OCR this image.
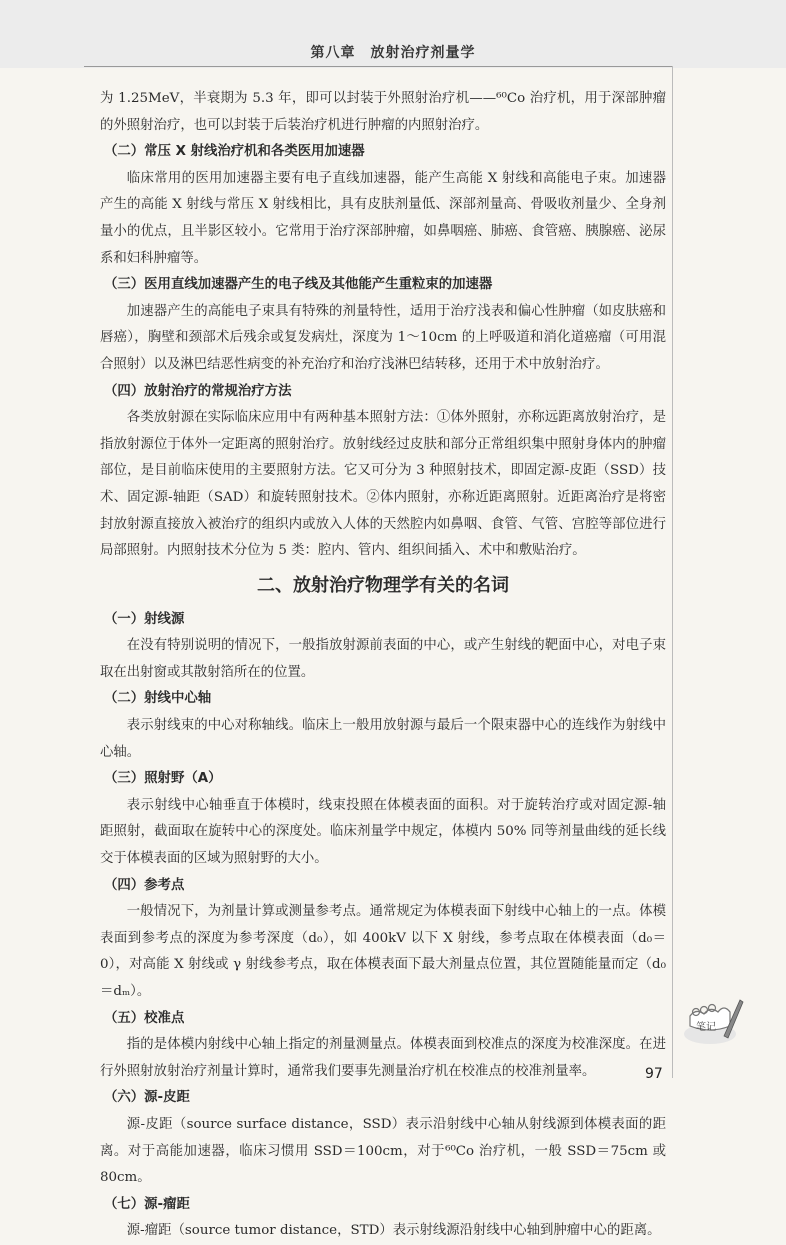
第八章　放射治疗剂量学

为 1.25MeV，半衰期为 5.3 年，即可以封装于外照射治疗机——⁶⁰Co 治疗机，用于深部肿瘤的外照射治疗，也可以封装于后装治疗机进行肿瘤的内照射治疗。

（二）常压 X 射线治疗机和各类医用加速器

临床常用的医用加速器主要有电子直线加速器，能产生高能 X 射线和高能电子束。加速器产生的高能 X 射线与常压 X 射线相比，具有皮肤剂量低、深部剂量高、骨吸收剂量少、全身剂量小的优点，且半影区较小。它常用于治疗深部肿瘤，如鼻咽癌、肺癌、食管癌、胰腺癌、泌尿系和妇科肿瘤等。

（三）医用直线加速器产生的电子线及其他能产生重粒束的加速器

加速器产生的高能电子束具有特殊的剂量特性，适用于治疗浅表和偏心性肿瘤（如皮肤癌和唇癌），胸壁和颈部术后残余或复发病灶，深度为 1～10cm 的上呼吸道和消化道癌瘤（可用混合照射）以及淋巴结恶性病变的补充治疗和治疗浅淋巴结转移，还用于术中放射治疗。

（四）放射治疗的常规治疗方法

各类放射源在实际临床应用中有两种基本照射方法：①体外照射，亦称远距离放射治疗，是指放射源位于体外一定距离的照射治疗。放射线经过皮肤和部分正常组织集中照射身体内的肿瘤部位，是目前临床使用的主要照射方法。它又可分为 3 种照射技术，即固定源-皮距（SSD）技术、固定源-轴距（SAD）和旋转照射技术。②体内照射，亦称近距离照射。近距离治疗是将密封放射源直接放入被治疗的组织内或放入人体的天然腔内如鼻咽、食管、气管、宫腔等部位进行局部照射。内照射技术分位为 5 类：腔内、管内、组织间插入、术中和敷贴治疗。

二、放射治疗物理学有关的名词
（一）射线源

在没有特别说明的情况下，一般指放射源前表面的中心，或产生射线的靶面中心，对电子束取在出射窗或其散射箔所在的位置。

（二）射线中心轴

表示射线束的中心对称轴线。临床上一般用放射源与最后一个限束器中心的连线作为射线中心轴。

（三）照射野（A）

表示射线中心轴垂直于体模时，线束投照在体模表面的面积。对于旋转治疗或对固定源-轴距照射，截面取在旋转中心的深度处。临床剂量学中规定，体模内 50% 同等剂量曲线的延长线交于体模表面的区域为照射野的大小。

（四）参考点

一般情况下，为剂量计算或测量参考点。通常规定为体模表面下射线中心轴上的一点。体模表面到参考点的深度为参考深度（d₀），如 400kV 以下 X 射线，参考点取在体模表面（d₀＝0），对高能 X 射线或 γ 射线参考点，取在体模表面下最大剂量点位置，其位置随能量而定（d₀＝dₘ）。

（五）校准点

指的是体模内射线中心轴上指定的剂量测量点。体模表面到校准点的深度为校准深度。在进行外照射放射治疗剂量计算时，通常我们要事先测量治疗机在校准点的校准剂量率。

（六）源-皮距

源-皮距（source surface distance，SSD）表示沿射线中心轴从射线源到体模表面的距离。对于高能加速器，临床习惯用 SSD＝100cm，对于⁶⁰Co 治疗机，一般 SSD＝75cm 或 80cm。

（七）源-瘤距

源-瘤距（source tumor distance，STD）表示射线源沿射线中心轴到肿瘤中心的距离。

笔记
97
